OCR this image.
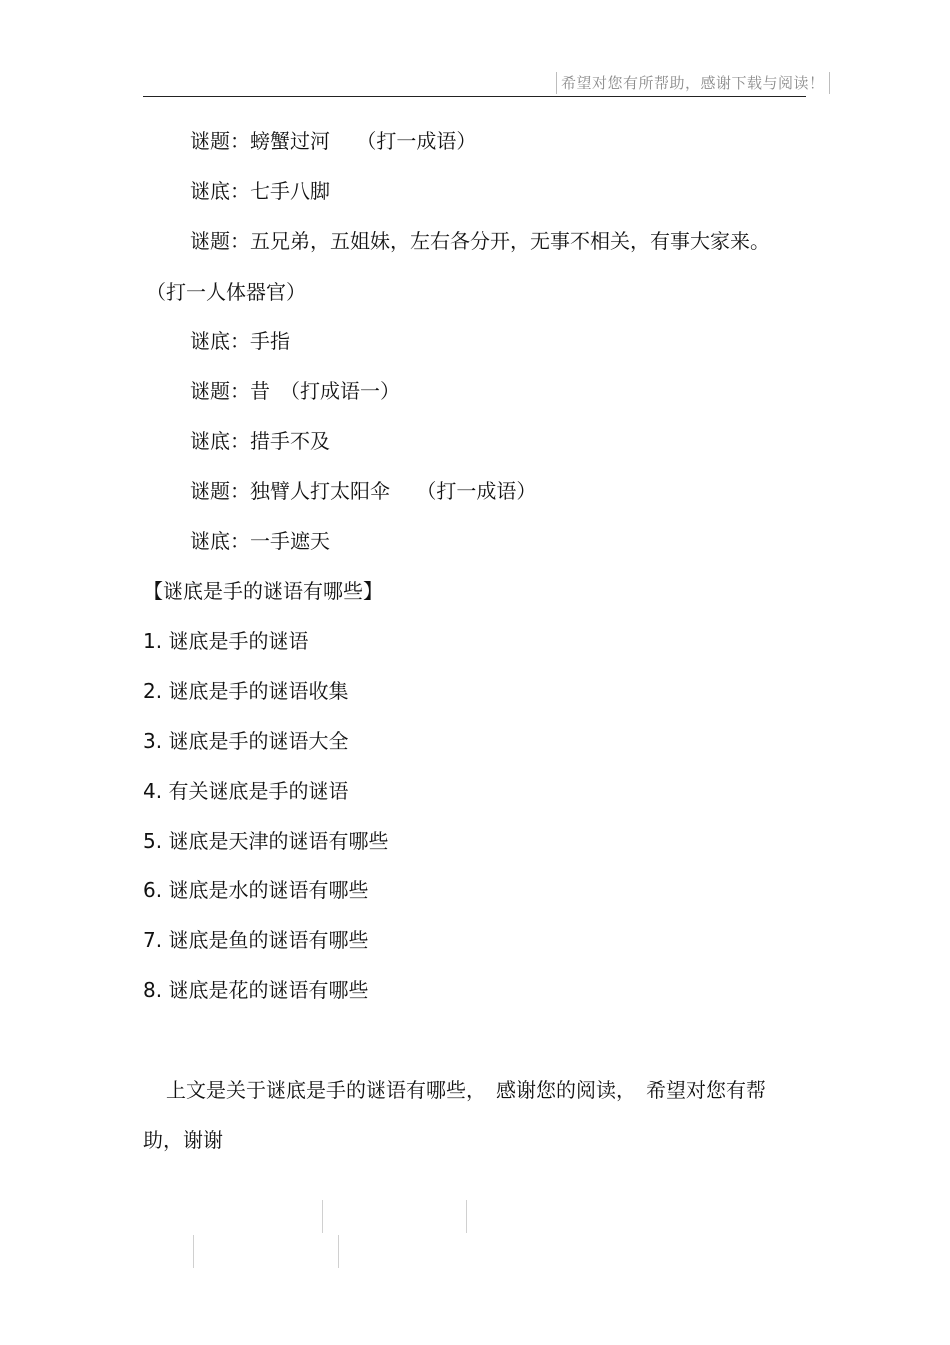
希望对您有所帮助，感谢下载与阅读！
谜题：螃蟹过河　 （打一成语）
谜底：七手八脚
谜题：五兄弟，五姐妹，左右各分开，无事不相关，有事大家来。
（打一人体器官）
谜底：手指
谜题：昔　（打成语一）
谜底：措手不及
谜题：独臂人打太阳伞　 （打一成语）
谜底：一手遮天
【谜底是手的谜语有哪些】
1. 谜底是手的谜语
2. 谜底是手的谜语收集
3. 谜底是手的谜语大全
4. 有关谜底是手的谜语
5. 谜底是天津的谜语有哪些
6. 谜底是水的谜语有哪些
7. 谜底是鱼的谜语有哪些
8. 谜底是花的谜语有哪些
上文是关于谜底是手的谜语有哪些，　感谢您的阅读，　希望对您有帮
助，谢谢
